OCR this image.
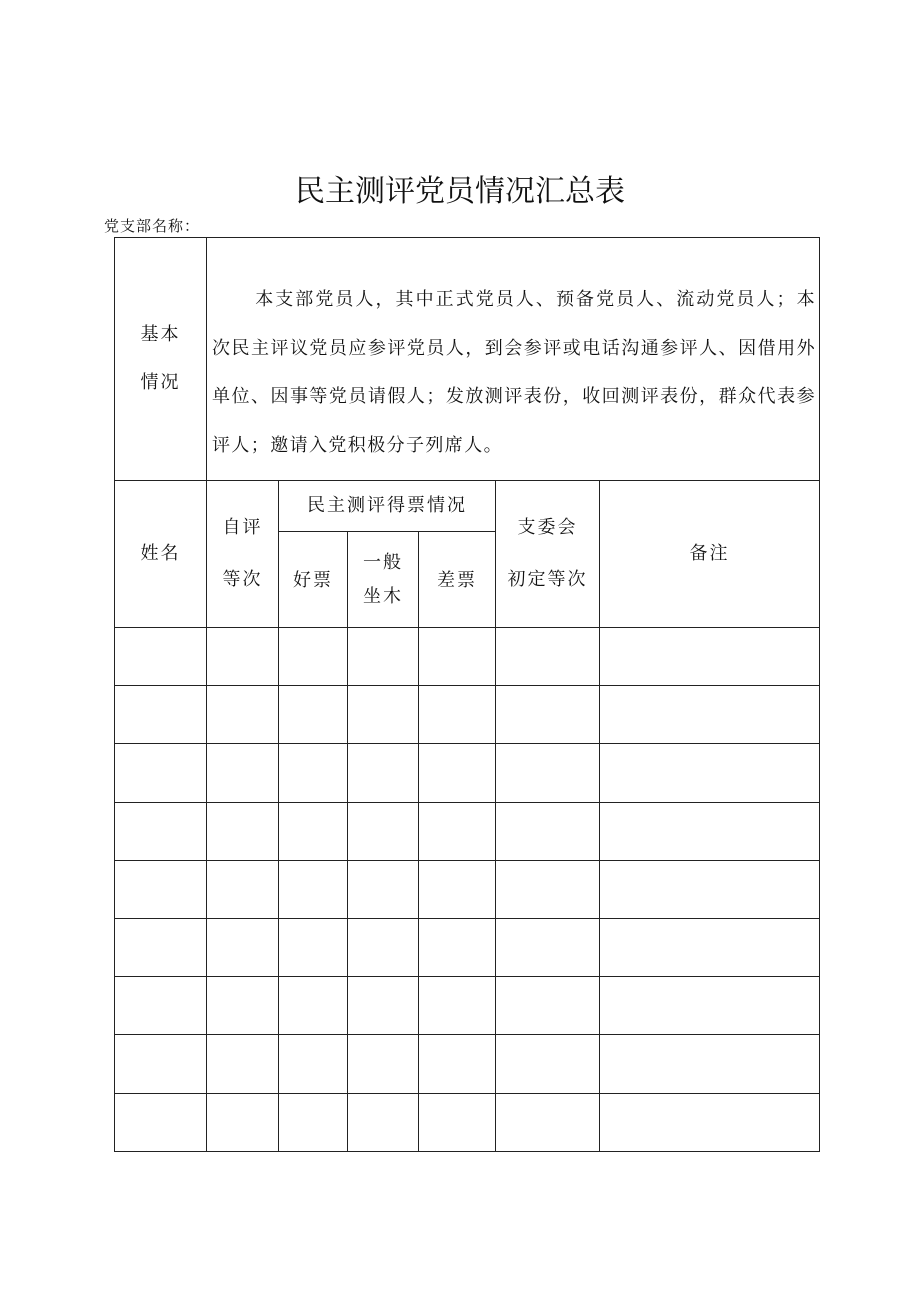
民主测评党员情况汇总表
党支部名称：
基本
情况
本支部党员人，其中正式党员人、预备党员人、流动党员人；本次民主评议党员应参评党员人，到会参评或电话沟通参评人、因借用外单位、因事等党员请假人；发放测评表份，收回测评表份，群众代表参评人；邀请入党积极分子列席人。
姓名
自评
等次
民主测评得票情况
好票
一般
坐木
差票
支委会
初定等次
备注
